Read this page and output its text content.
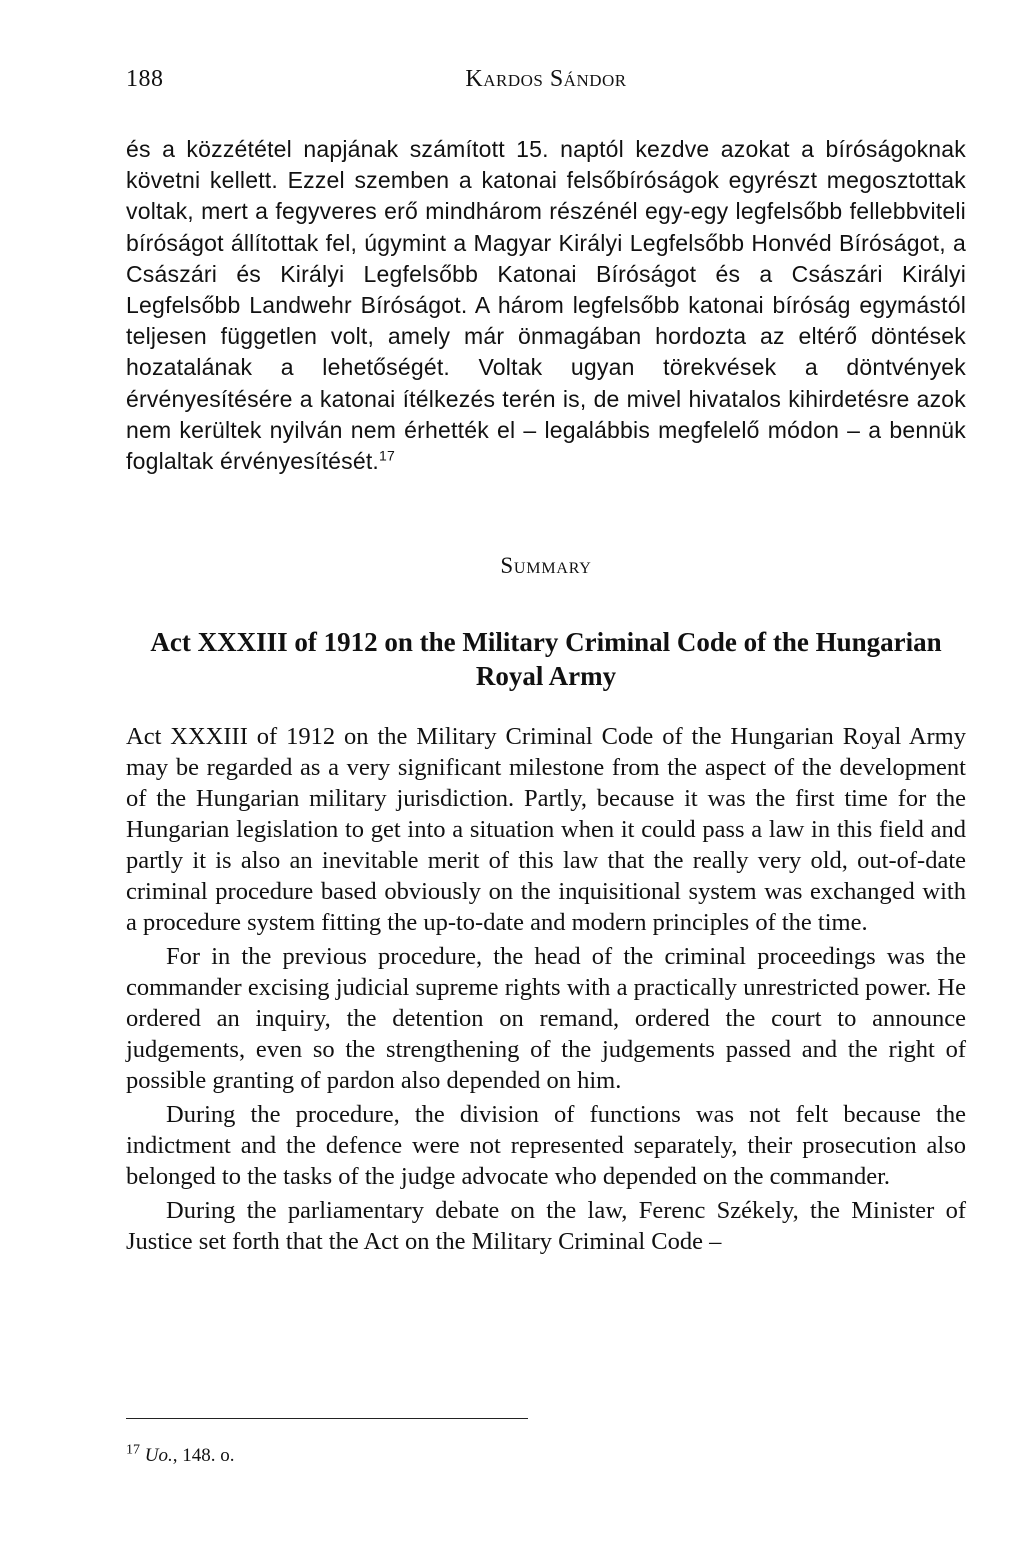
188	Kardos Sándor

és a közzététel napjának számított 15. naptól kezdve azokat a bíróságoknak követni kellett. Ezzel szemben a katonai felsőbíróságok egyrészt megosztottak voltak, mert a fegyveres erő mindhárom részénél egy-egy legfelsőbb fellebbviteli bíróságot állítottak fel, úgymint a Magyar Királyi Legfelsőbb Honvéd Bíróságot, a Császári és Királyi Legfelsőbb Katonai Bíróságot és a Császári Királyi Legfelsőbb Landwehr Bíróságot. A három legfelsőbb katonai bíróság egymástól teljesen független volt, amely már önmagában hordozta az eltérő döntések hozatalának a lehetőségét. Voltak ugyan törekvések a döntvények érvényesítésére a katonai ítélkezés terén is, de mivel hivatalos kihirdetésre azok nem kerültek nyilván nem érhették el – legalábbis megfelelő módon – a bennük foglaltak érvényesítését.$^{17}$

Summary
Act XXXIII of 1912 on the Military Criminal Code of the Hungarian Royal Army

Act XXXIII of 1912 on the Military Criminal Code of the Hungarian Royal Army may be regarded as a very significant milestone from the aspect of the development of the Hungarian military jurisdiction. Partly, because it was the first time for the Hungarian legislation to get into a situation when it could pass a law in this field and partly it is also an inevitable merit of this law that the really very old, out-of-date criminal procedure based obviously on the inquisitional system was exchanged with a procedure system fitting the up-to-date and modern principles of the time.

For in the previous procedure, the head of the criminal proceedings was the commander excising judicial supreme rights with a practically unrestricted power. He ordered an inquiry, the detention on remand, ordered the court to announce judgements, even so the strengthening of the judgements passed and the right of possible granting of pardon also depended on him.

During the procedure, the division of functions was not felt because the indictment and the defence were not represented separately, their prosecution also belonged to the tasks of the judge advocate who depended on the commander.

During the parliamentary debate on the law, Ferenc Székely, the Minister of Justice set forth that the Act on the Military Criminal Code –

$^{17}$ Uo., 148. o.
